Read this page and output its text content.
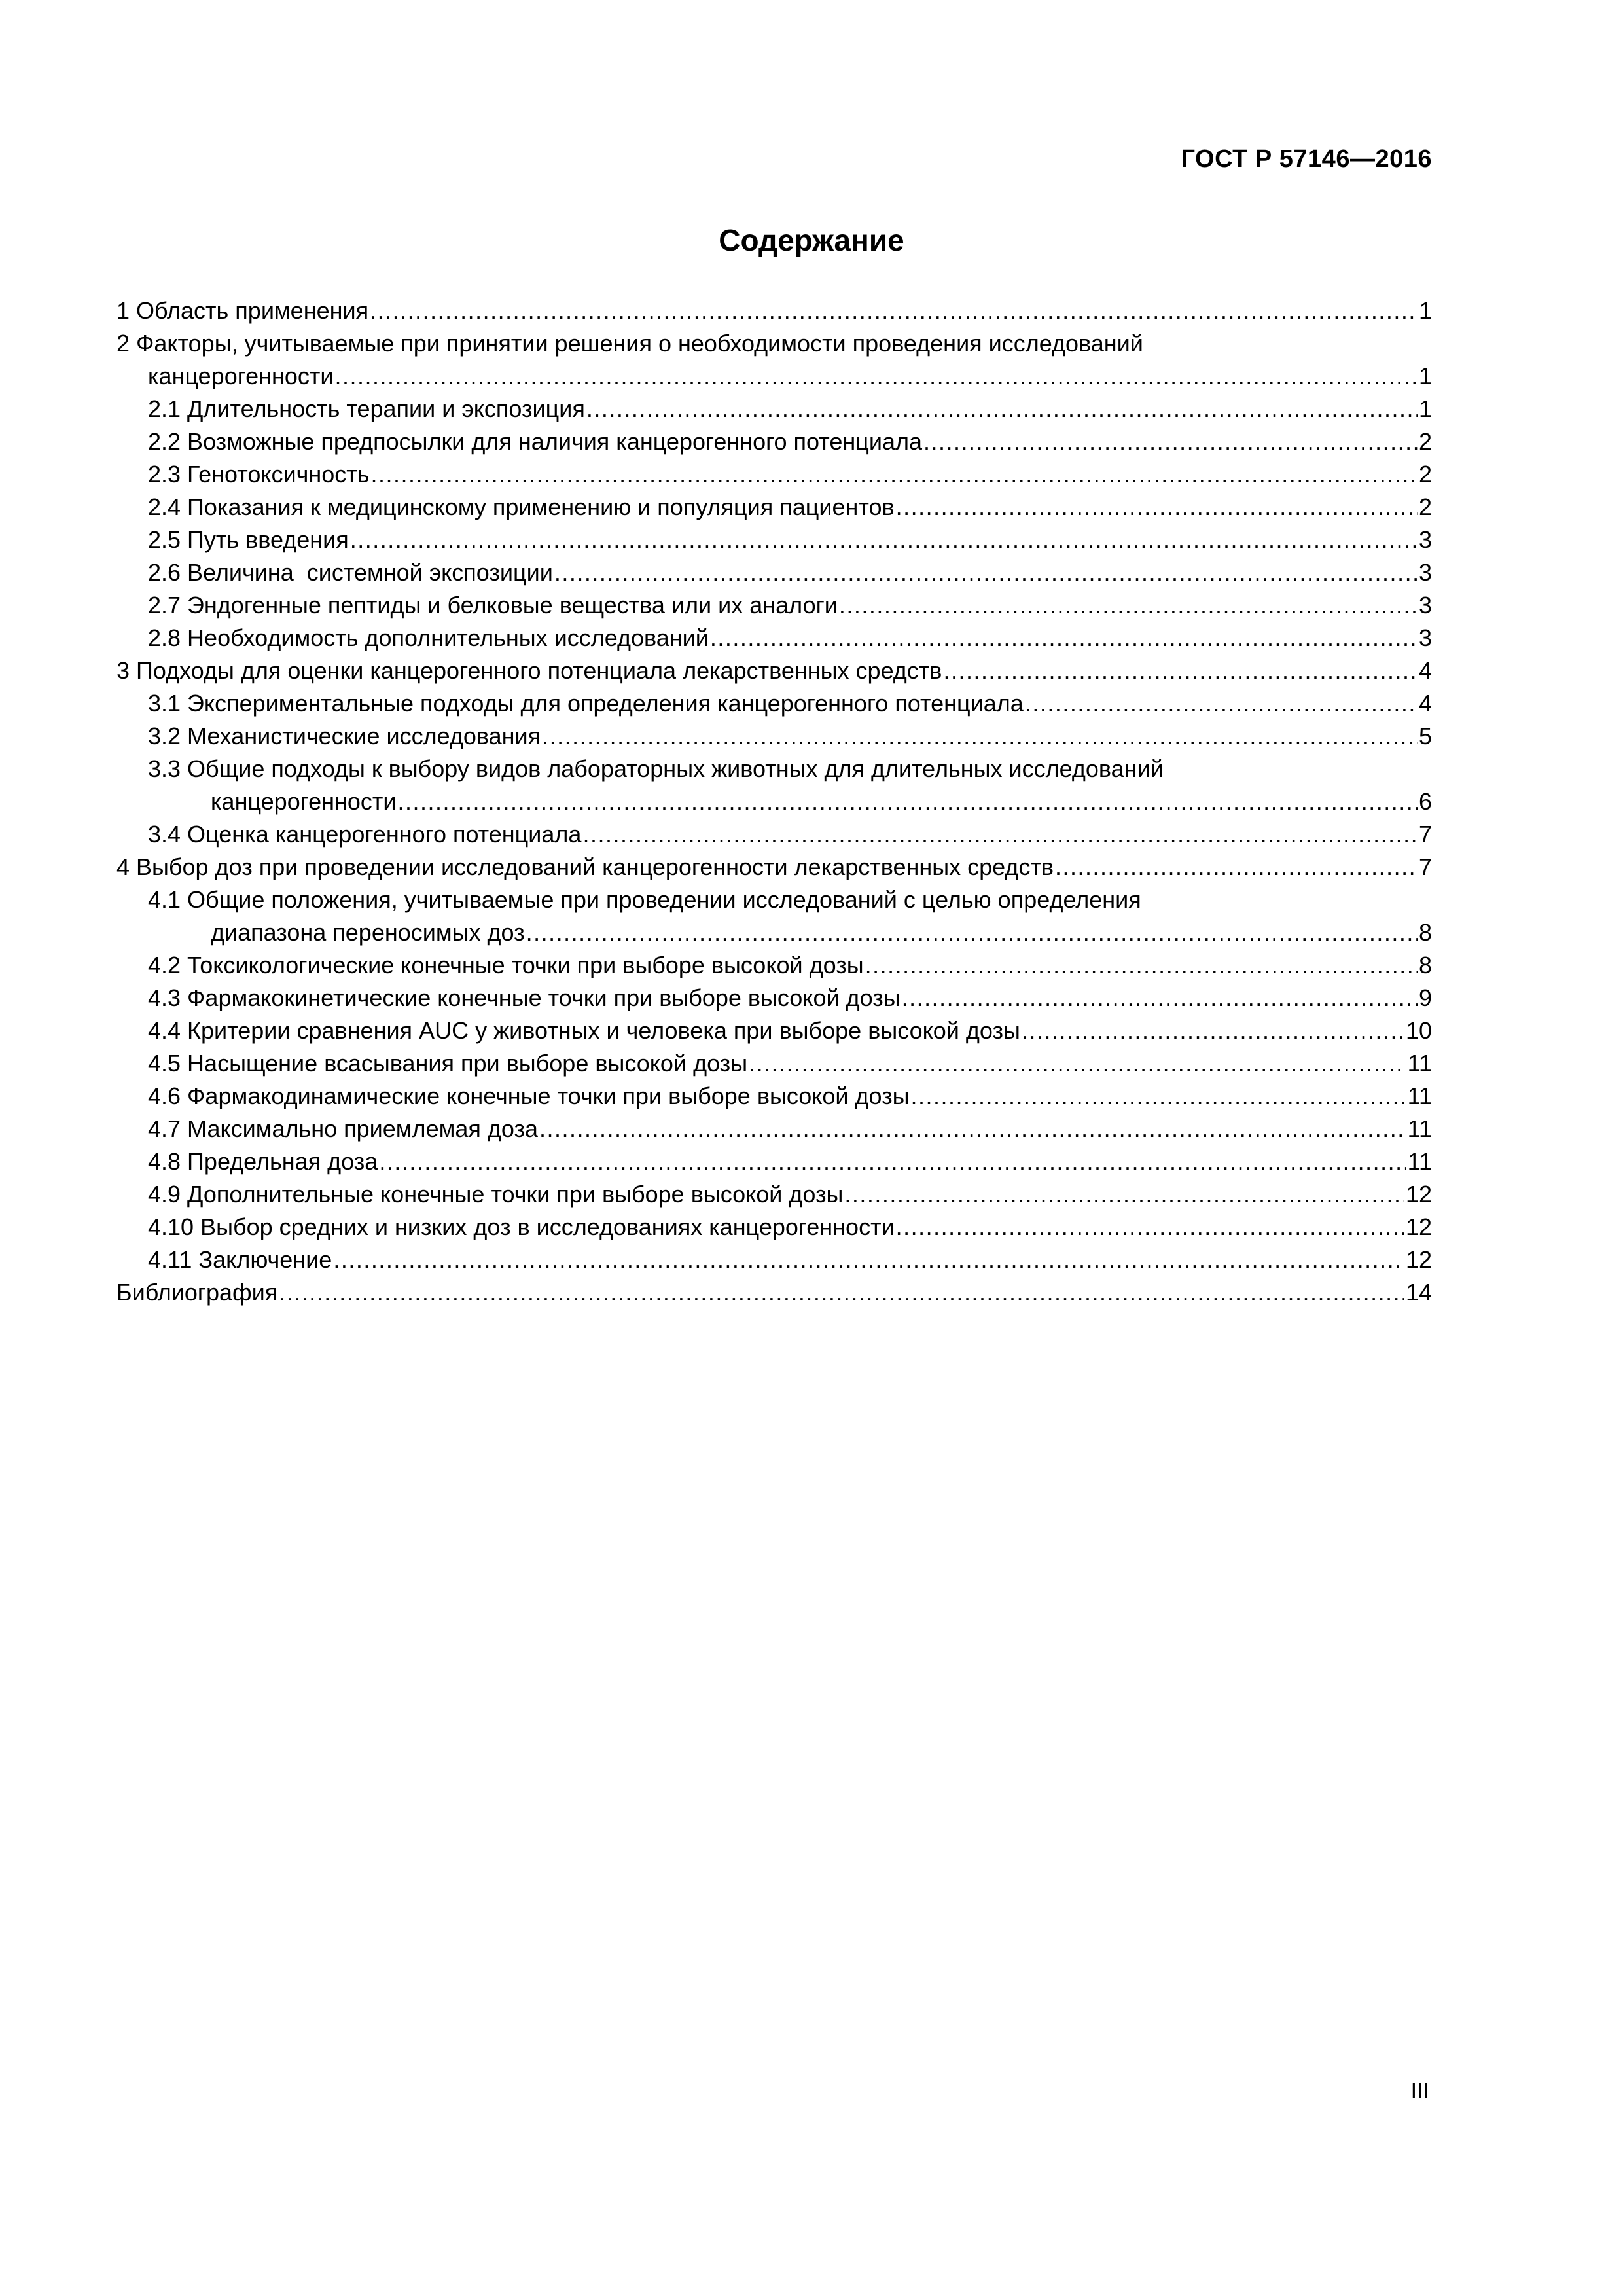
ГОСТ Р 57146—2016
Содержание
1 Область применения .....	1
2 Факторы, учитываемые при принятии решения о необходимости проведения исследований
канцерогенности .....	1
2.1 Длительность терапии и экспозиция .....	1
2.2 Возможные предпосылки для наличия канцерогенного потенциала .....	2
2.3 Генотоксичность .....	2
2.4 Показания к медицинскому применению и популяция пациентов .....	2
2.5 Путь введения .....	3
2.6 Величина  системной экспозиции .....	3
2.7 Эндогенные пептиды и белковые вещества или их аналоги .....	3
2.8 Необходимость дополнительных исследований .....	3
3 Подходы для оценки канцерогенного потенциала лекарственных средств .....	4
3.1 Экспериментальные подходы для определения канцерогенного потенциала .....	4
3.2 Механистические исследования .....	5
3.3 Общие подходы к выбору видов лабораторных животных для длительных исследований
канцерогенности .....	6
3.4 Оценка канцерогенного потенциала .....	7
4 Выбор доз при проведении исследований канцерогенности лекарственных средств .....	7
4.1 Общие положения, учитываемые при проведении исследований с целью определения
диапазона переносимых доз .....	8
4.2 Токсикологические конечные точки при выборе высокой дозы .....	8
4.3 Фармакокинетические конечные точки при выборе высокой дозы .....	9
4.4 Критерии сравнения AUC у животных и человека при выборе высокой дозы .....	10
4.5 Насыщение всасывания при выборе высокой дозы .....	11
4.6 Фармакодинамические конечные точки при выборе высокой дозы .....	11
4.7 Максимально приемлемая доза .....	11
4.8 Предельная доза .....	11
4.9 Дополнительные конечные точки при выборе высокой дозы .....	12
4.10 Выбор средних и низких доз в исследованиях канцерогенности .....	12
4.11 Заключение .....	12
Библиография .....	14
III
